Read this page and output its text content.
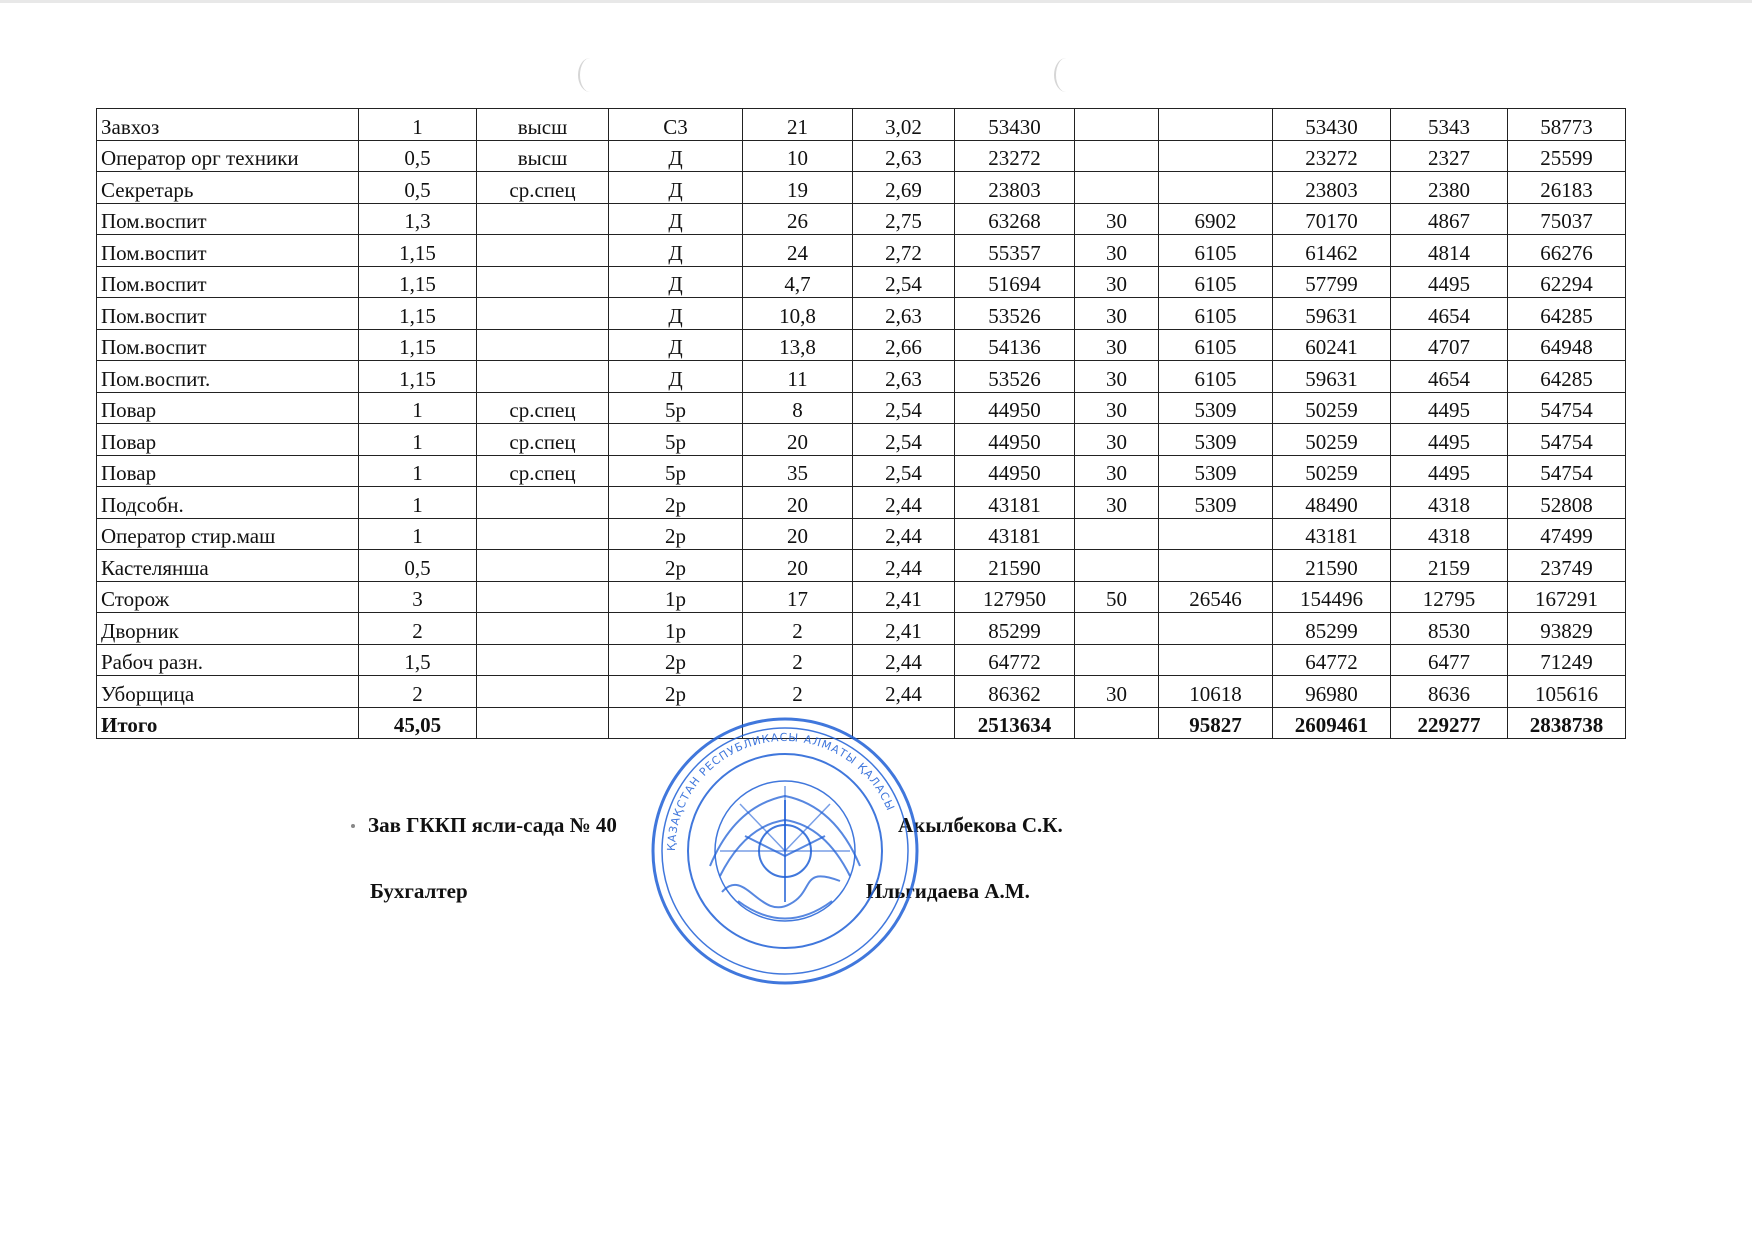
Завхоз	1	высш	С3	21	3,02	53430			53430	5343	58773
Оператор орг техники	0,5	высш	Д	10	2,63	23272			23272	2327	25599
Секретарь	0,5	ср.спец	Д	19	2,69	23803			23803	2380	26183
Пом.воспит	1,3		Д	26	2,75	63268	30	6902	70170	4867	75037
Пом.воспит	1,15		Д	24	2,72	55357	30	6105	61462	4814	66276
Пом.воспит	1,15		Д	4,7	2,54	51694	30	6105	57799	4495	62294
Пом.воспит	1,15		Д	10,8	2,63	53526	30	6105	59631	4654	64285
Пом.воспит	1,15		Д	13,8	2,66	54136	30	6105	60241	4707	64948
Пом.воспит.	1,15		Д	11	2,63	53526	30	6105	59631	4654	64285
Повар	1	ср.спец	5р	8	2,54	44950	30	5309	50259	4495	54754
Повар	1	ср.спец	5р	20	2,54	44950	30	5309	50259	4495	54754
Повар	1	ср.спец	5р	35	2,54	44950	30	5309	50259	4495	54754
Подсобн.	1		2р	20	2,44	43181	30	5309	48490	4318	52808
Оператор стир.маш	1		2р	20	2,44	43181			43181	4318	47499
Кастелянша	0,5		2р	20	2,44	21590			21590	2159	23749
Сторож	3		1р	17	2,41	127950	50	26546	154496	12795	167291
Дворник	2		1р	2	2,41	85299			85299	8530	93829
Рабоч разн.	1,5		2р	2	2,44	64772			64772	6477	71249
Уборщица	2		2р	2	2,44	86362	30	10618	96980	8636	105616
Итого	45,05					2513634		95827	2609461	229277	2838738
Зав ГККП ясли-сада № 40	Акылбекова С.К.
Бухгалтер	Ильгидаева А.М.
ҚАЗАҚСТАН РЕСПУБЛИКАСЫ АЛМАТЫ ҚАЛАСЫ
